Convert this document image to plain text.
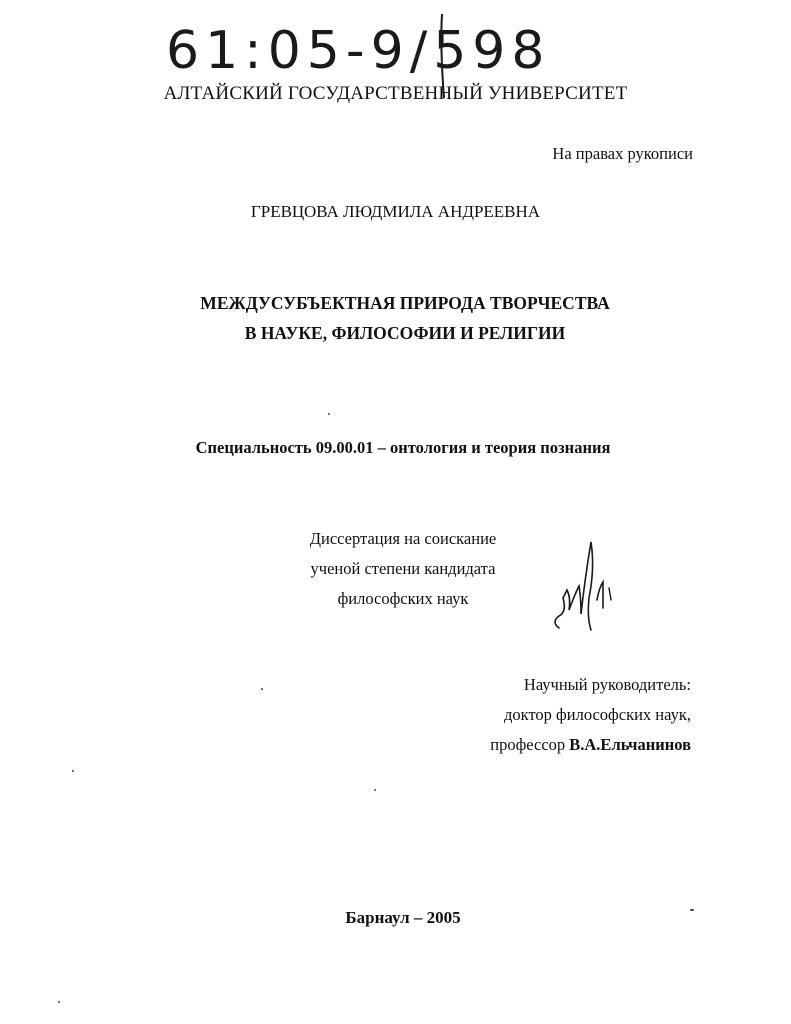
61:05-9/598
АЛТАЙСКИЙ ГОСУДАРСТВЕННЫЙ УНИВЕРСИТЕТ
На правах рукописи
ГРЕВЦОВА ЛЮДМИЛА АНДРЕЕВНА
МЕЖДУСУБЪЕКТНАЯ ПРИРОДА ТВОРЧЕСТВА
В НАУКЕ, ФИЛОСОФИИ И РЕЛИГИИ
Специальность 09.00.01 – онтология и теория познания
Диссертация на соискание
ученой степени кандидата
философских наук
Научный руководитель:
доктор философских наук,
профессор В.А.Ельчанинов
Барнаул – 2005
